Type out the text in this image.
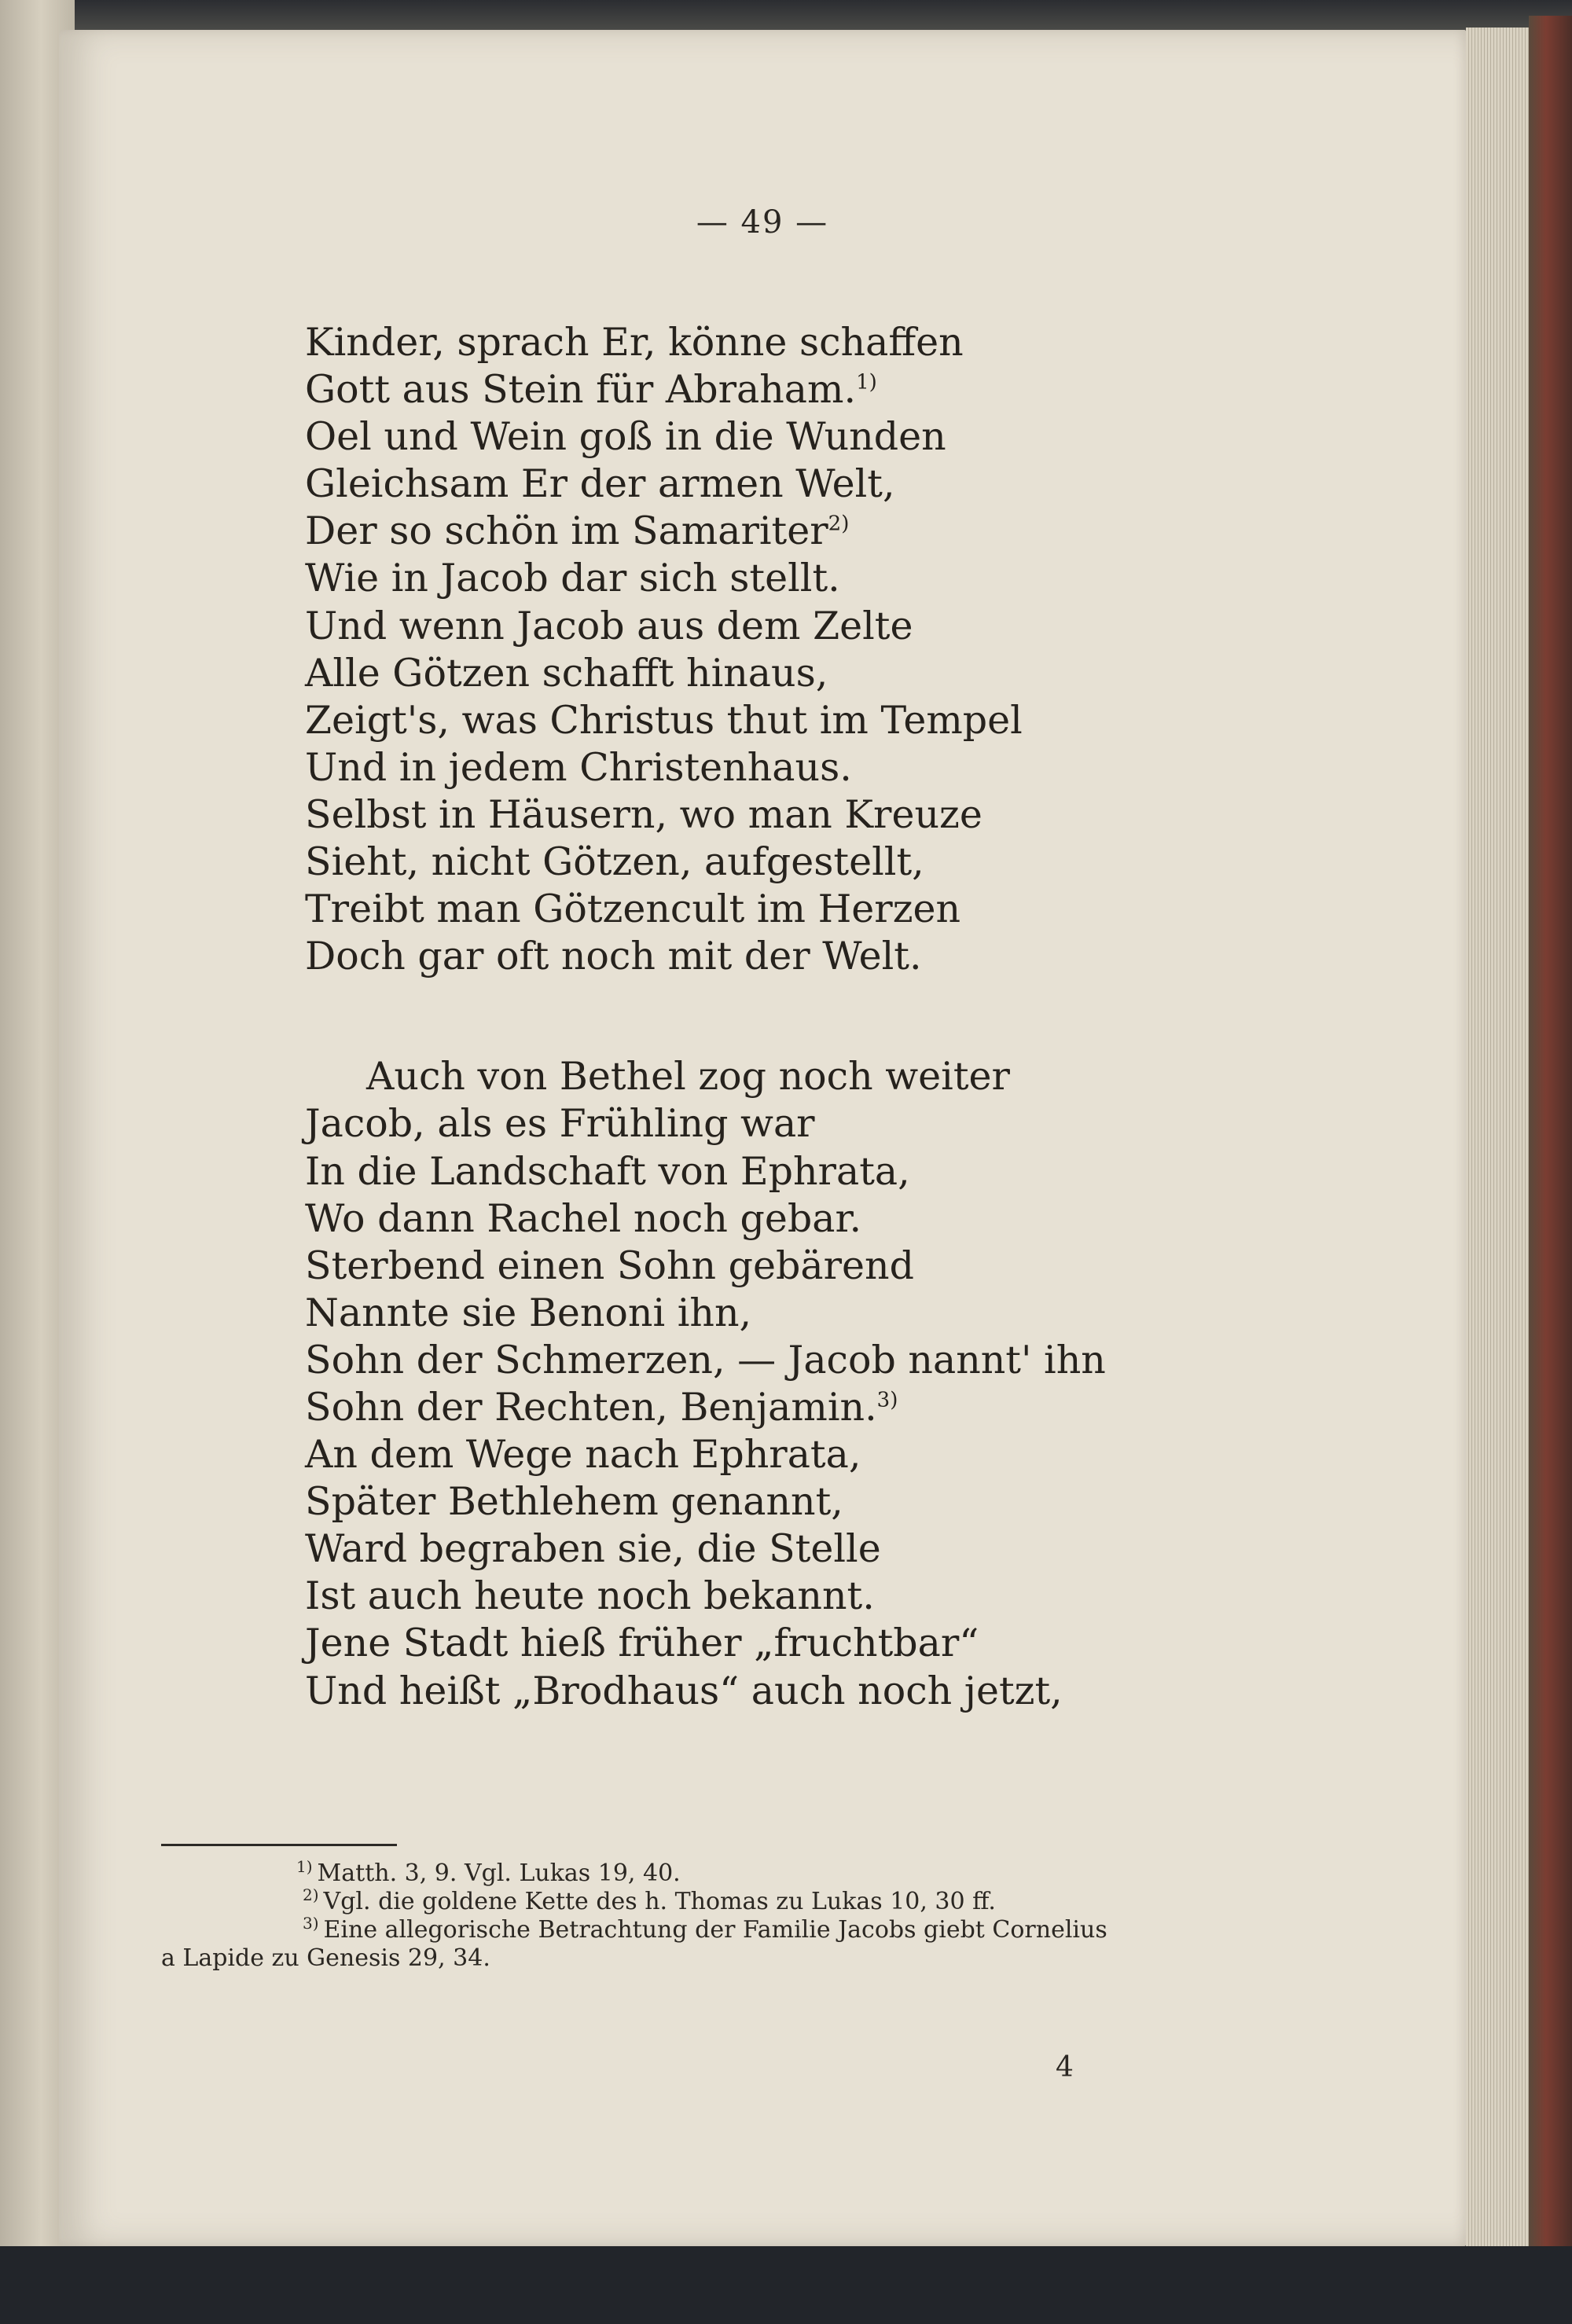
— 49 —
Kinder, sprach Er, könne schaffen
Gott aus Stein für Abraham.$^{1)}$
Oel und Wein goß in die Wunden
Gleichsam Er der armen Welt,
Der so schön im Samariter$^{2)}$
Wie in Jacob dar sich stellt.
Und wenn Jacob aus dem Zelte
Alle Götzen schafft hinaus,
Zeigt's, was Christus thut im Tempel
Und in jedem Christenhaus.
Selbst in Häusern, wo man Kreuze
Sieht, nicht Götzen, aufgestellt,
Treibt man Götzencult im Herzen
Doch gar oft noch mit der Welt.
Auch von Bethel zog noch weiter
Jacob, als es Frühling war
In die Landschaft von Ephrata,
Wo dann Rachel noch gebar.
Sterbend einen Sohn gebärend
Nannte sie Benoni ihn,
Sohn der Schmerzen, — Jacob nannt' ihn
Sohn der Rechten, Benjamin.$^{3)}$
An dem Wege nach Ephrata,
Später Bethlehem genannt,
Ward begraben sie, die Stelle
Ist auch heute noch bekannt.
Jene Stadt hieß früher „fruchtbar“
Und heißt „Brodhaus“ auch noch jetzt,
$^{1)}$ Matth. 3, 9. Vgl. Lukas 19, 40.
$^{2)}$ Vgl. die goldene Kette des h. Thomas zu Lukas 10, 30 ff.
$^{3)}$ Eine allegorische Betrachtung der Familie Jacobs giebt Cornelius
a Lapide zu Genesis 29, 34.
4
